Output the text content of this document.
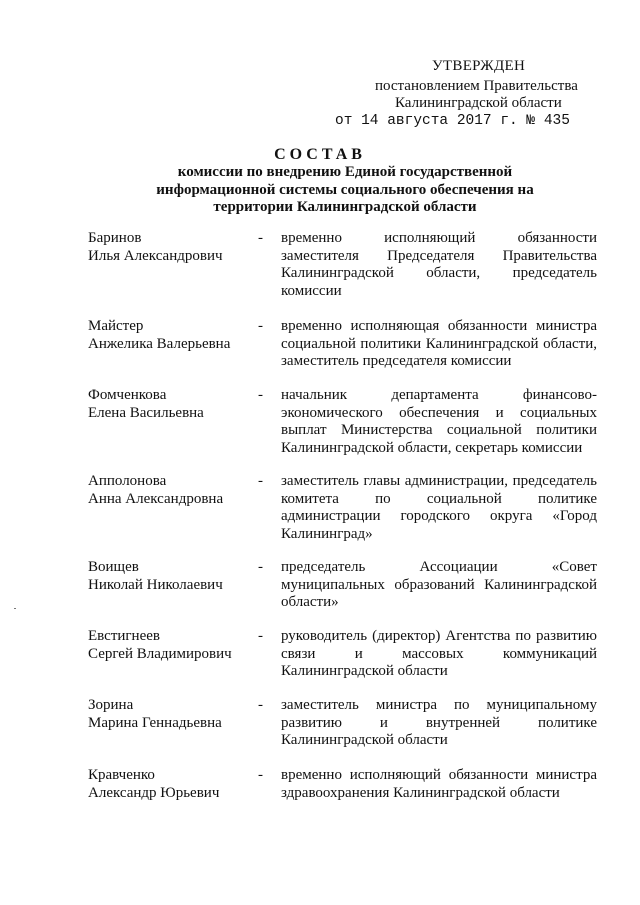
УТВЕРЖДЕН
постановлением Правительства
Калининградской области
от 14 августа 2017 г. № 435
СОСТАВ
комиссии по внедрению Единой государственной информационной системы социального обеспечения на территории Калининградской области
Баринов
Илья Александрович
-	временно исполняющий обязанности заместителя Председателя Правительства Калининградской области, председатель комиссии
Майстер
Анжелика Валерьевна
-	временно исполняющая обязанности министра социальной политики Калининградской области, заместитель председателя комиссии
Фомченкова
Елена Васильевна
-	начальник департамента финансово-экономического обеспечения и социальных выплат Министерства социальной политики Калининградской области, секретарь комиссии
Апполонова
Анна Александровна
-	заместитель главы администрации, председатель комитета по социальной политике администрации городского округа «Город Калининград»
Воищев
Николай Николаевич
-	председатель Ассоциации «Совет муниципальных образований Калининградской области»
Евстигнеев
Сергей Владимирович
-	руководитель (директор) Агентства по развитию связи и массовых коммуникаций Калининградской области
Зорина
Марина Геннадьевна
-	заместитель министра по муниципальному развитию и внутренней политике Калининградской области
Кравченко
Александр Юрьевич
-	временно исполняющий обязанности министра здравоохранения Калининградской области
